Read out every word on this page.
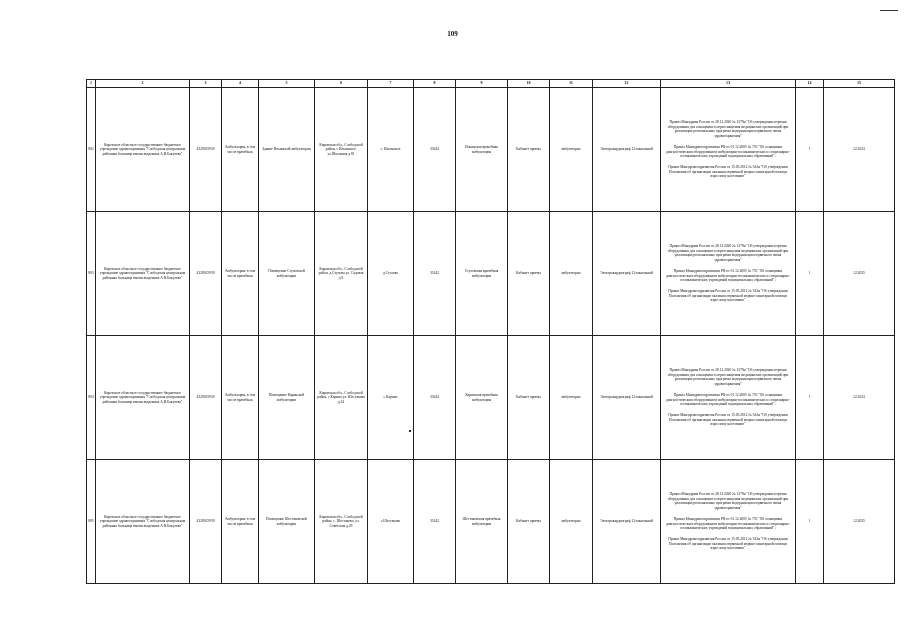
109
1	2	3	4	5	6	7	8	9	10	11	12	13	14	15
802	Кировское областное государственное бюджетное учреждение здравоохранения "Слободская центральная районная больница имени академика А.Н.Бакулева"	4329015939	Амбулатория, в том числе врачебная	Здание Ильинской амбулатории	Кировская обл., Слободской район, с.Ильинское, ул.Школьная д.81	с. Ильинское	33242	Ильинская врачебная амбулатория	Кабинет приема	амбулаторно	Электрокардиограф 12-канальный	Приказ Минздрава России от 28.12.2020 № 1379н "Об утверждении перечня оборудования для оснащения и переоснащения медицинских организаций при реализации региональных программ модернизации первичного звена здравоохранения"

Приказ Минздравсоцразвития РФ от 01.12.2005 № 753 "Об оснащении диагностическим оборудованием амбулаторно-поликлинических и стационарно-поликлинических учреждений муниципальных образований";

Приказ Минздравсоцразвития России от 15.05.2012 № 543н "Об утверждении Положения об организации оказания первичной медико-санитарной помощи взрослому населению"	1	12.2024
803	Кировское областное государственное бюджетное учреждение здравоохранения "Слободская центральная районная больница имени академика А.Н.Бакулева"	4329015939	Амбулатория, в том числе врачебная	Помещение Стуловской амбулатории	Кировская обл., Слободской район, д.Стулово,ул. Садовая д.9	д.Стулово	33242	Стуловская врачебная амбулатория	Кабинет приема	амбулаторно	Электрокардиограф 12-канальный	Приказ Минздрава России от 28.12.2020 № 1379н "Об утверждении перечня оборудования для оснащения и переоснащения медицинских организаций при реализации региональных программ модернизации первичного звена здравоохранения"

Приказ Минздравсоцразвития РФ от 01.12.2005 № 753 "Об оснащении диагностическим оборудованием амбулаторно-поликлинических и стационарно-поликлинических учреждений муниципальных образований";

Приказ Минздравсоцразвития России от 15.05.2012 № 543н "Об утверждении Положения об организации оказания первичной медико-санитарной помощи взрослому населению"	1	12.2025
804	Кировское областное государственное бюджетное учреждение здравоохранения "Слободская центральная районная больница имени академика А.Н.Бакулева"	4329015939	Амбулатория, в том числе врачебная	Помещение Каринской амбулатории	Кировская обл., Слободской район, с.Карино,ул. Шестакова д.34	с.Карино	33242	Каринская врачебная амбулатория	Кабинет приема	амбулаторно	Электрокардиограф 12-канальный	Приказ Минздрава России от 28.12.2020 № 1379н "Об утверждении перечня оборудования для оснащения и переоснащения медицинских организаций при реализации региональных программ модернизации первичного звена здравоохранения"

Приказ Минздравсоцразвития РФ от 01.12.2005 № 753 "Об оснащении диагностическим оборудованием амбулаторно-поликлинических и стационарно-поликлинических учреждений муниципальных образований";

Приказ Минздравсоцразвития России от 15.05.2012 № 543н "Об утверждении Положения об организации оказания первичной медико-санитарной помощи взрослому населению"	1	12.2024
805	Кировское областное государственное бюджетное учреждение здравоохранения "Слободская центральная районная больница имени академика А.Н.Бакулева"	4329015939	Амбулатория, в том числе врачебная	Помещение Шестаковской амбулатории	Кировская обл., Слободской район, с. Шестаково, ул. Советская д.29	с.Шестаково	33242	Шестаковская врачебная амбулатория	Кабинет приема	амбулаторно	Электрокардиограф 12-канальный	Приказ Минздрава России от 28.12.2020 № 1379н "Об утверждении перечня оборудования для оснащения и переоснащения медицинских организаций при реализации региональных программ модернизации первичного звена здравоохранения"

Приказ Минздравсоцразвития РФ от 01.12.2005 № 753 "Об оснащении диагностическим оборудованием амбулаторно-поликлинических и стационарно-поликлинических учреждений муниципальных образований";

Приказ Минздравсоцразвития России от 15.05.2012 № 543н "Об утверждении Положения об организации оказания первичной медико-санитарной помощи взрослому населению"	1	12.2025
